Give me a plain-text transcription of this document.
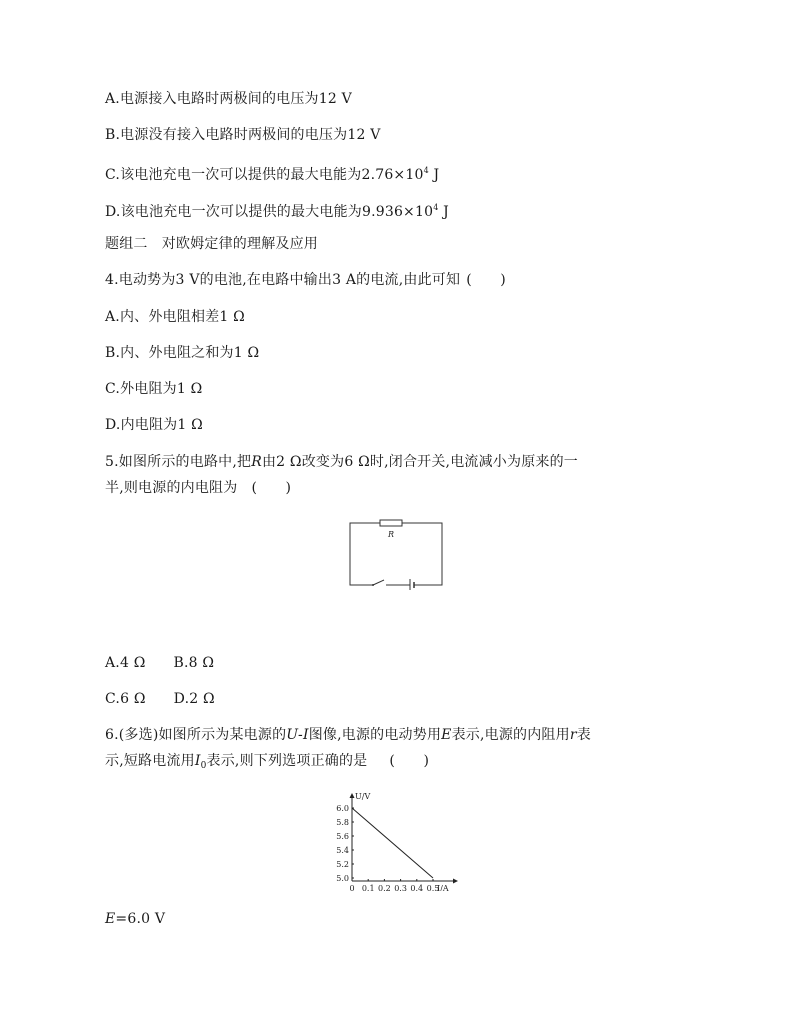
A.电源接入电路时两极间的电压为12 V
B.电源没有接入电路时两极间的电压为12 V
C.该电池充电一次可以提供的最大电能为$2.76\times 10^4$ J
D.该电池充电一次可以提供的最大电能为$9.936\times 10^4$ J
题组二　对欧姆定律的理解及应用
4.电动势为3 V的电池,在电路中输出3 A的电流,由此可知 (　　)
A.内、外电阻相差1 Ω
B.内、外电阻之和为1 Ω
C.外电阻为1 Ω
D.内电阻为1 Ω
5.如图所示的电路中,把R由2 Ω改变为6 Ω时,闭合开关,电流减小为原来的一
半,则电源的内电阻为 (　　)
R
A.4 Ω B.8 Ω
C.6 Ω D.2 Ω
6.(多选)如图所示为某电源的U-I图像,电源的电动势用E表示,电源的内阻用r表
示,短路电流用$I_0$表示,则下列选项正确的是 (　　)
U/V
I/A
0
5.0
5.2
5.4
5.6
5.8
6.0
0.1 0.2 0.3 0.4 0.5
E=6.0 V
